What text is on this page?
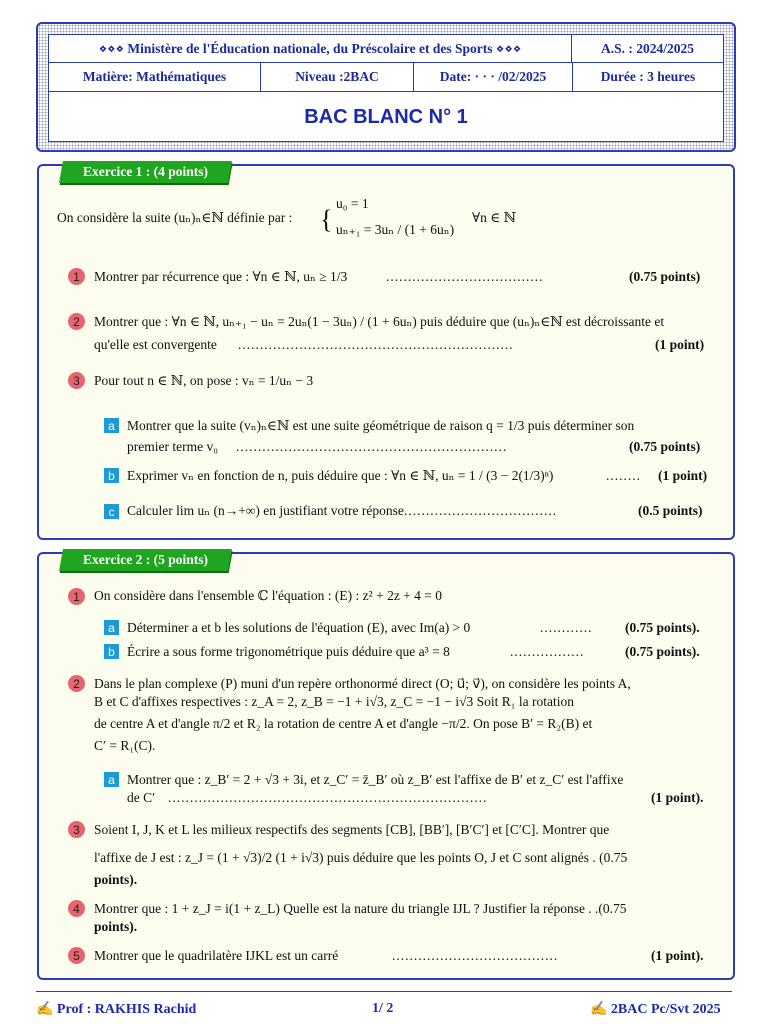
⋄⋄⋄ Ministère de l'Éducation nationale, du Préscolaire et des Sports ⋄⋄⋄	A.S. : 2024/2025
Matière: Mathématiques	Niveau :2BAC	Date: · · · /02/2025	Durée : 3 heures
BAC BLANC N° 1
Exercice 1 : (4 points)
On considère la suite (uₙ)ₙ∈ℕ définie par : {
u₀ = 1
uₙ₊₁ = 3uₙ / (1 + 6uₙ)
∀n ∈ ℕ
1	Montrer par récurrence que : ∀n ∈ ℕ, uₙ ≥ 1/3	....................................	(0.75 points)
2	Montrer que : ∀n ∈ ℕ, uₙ₊₁ − uₙ = 2uₙ(1 − 3uₙ) / (1 + 6uₙ) puis déduire que (uₙ)ₙ∈ℕ est décroissante et
qu'elle est convergente ...............................................................	(1 point)
3	Pour tout n ∈ ℕ, on pose : vₙ = 1/uₙ − 3
a Montrer que la suite (vₙ)ₙ∈ℕ est une suite géométrique de raison q = 1/3 puis déterminer son
premier terme v₀ ..............................................................	(0.75 points)
b Exprimer vₙ en fonction de n, puis déduire que : ∀n ∈ ℕ, uₙ = 1 / (3 − 2(1/3)ⁿ)	........ (1 point)
c Calculer lim uₙ (n→+∞) en justifiant votre réponse ...................................	(0.5 points)
Exercice 2 : (5 points)
1	On considère dans l'ensemble ℂ l'équation : (E) : z² + 2z + 4 = 0
a Déterminer a et b les solutions de l'équation (E), avec Im(a) > 0	............ (0.75 points).
b Écrire a sous forme trigonométrique puis déduire que a³ = 8	.................	(0.75 points).
2	Dans le plan complexe (P) muni d'un repère orthonormé direct (O; u⃗; v⃗), on considère les points A,
B et C d'affixes respectives : z_A = 2, z_B = −1 + i√3, z_C = −1 − i√3 Soit R₁ la rotation
de centre A et d'angle π/2 et R₂ la rotation de centre A et d'angle −π/2. On pose B′ = R₂(B) et
C′ = R₁(C).
a Montrer que : z_B′ = 2 + √3 + 3i, et z_C′ = z̄_B′ où z_B′ est l'affixe de B′ et z_C′ est l'affixe
de C′ .........................................................................	(1 point).
3	Soient I, J, K et L les milieux respectifs des segments [CB], [BB′], [B′C′] et [C′C]. Montrer que
l'affixe de J est : z_J = (1 + √3)/2 (1 + i√3) puis déduire que les points O, J et C sont alignés . (0.75
points).
4	Montrer que : 1 + z_J = i(1 + z_L) Quelle est la nature du triangle IJL ? Justifier la réponse . .(0.75
points).
5	Montrer que le quadrilatère IJKL est un carré	......................................	(1 point).
✍ Prof : RAKHIS Rachid	1/ 2	✍ 2BAC Pc/Svt 2025
